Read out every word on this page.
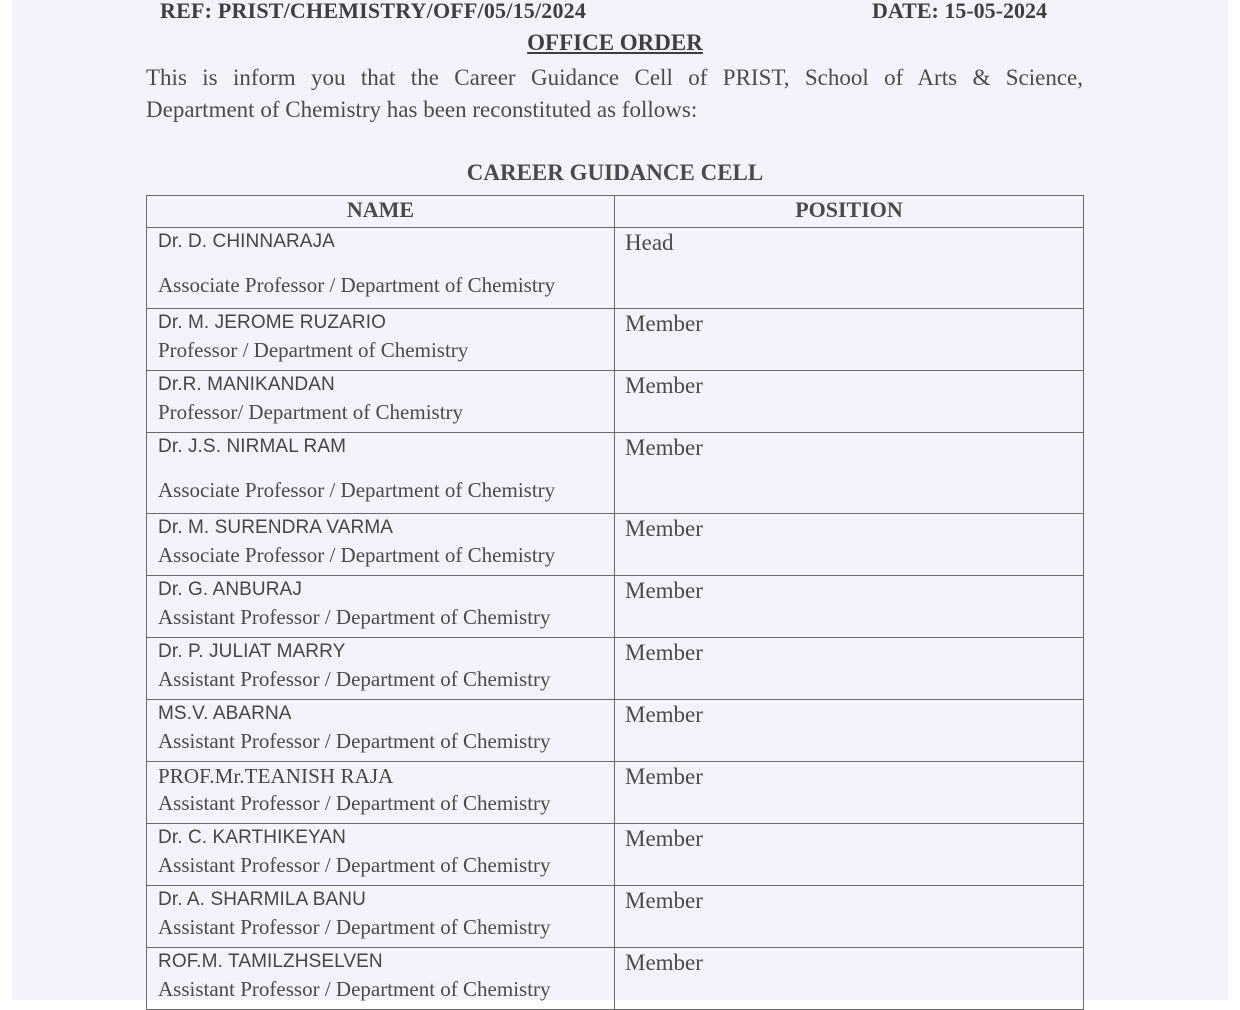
REF: PRIST/CHEMISTRY/OFF/05/15/2024	DATE: 15-05-2024
OFFICE ORDER
This is inform you that the Career Guidance Cell of PRIST, School of Arts & Science,
Department of Chemistry has been reconstituted as follows:
CAREER GUIDANCE CELL
NAME	POSITION

Dr. D. CHINNARAJA
Associate Professor / Department of Chemistry	Head

Dr. M. JEROME RUZARIO
Professor / Department of Chemistry	Member

Dr.R. MANIKANDAN
Professor/ Department of Chemistry	Member

Dr. J.S. NIRMAL RAM
Associate Professor / Department of Chemistry	Member

Dr. M. SURENDRA VARMA
Associate Professor / Department of Chemistry	Member

Dr. G. ANBURAJ
Assistant Professor / Department of Chemistry	Member

Dr. P. JULIAT MARRY
Assistant Professor / Department of Chemistry	Member

MS.V. ABARNA
Assistant Professor / Department of Chemistry	Member

PROF.Mr.TEANISH RAJA
Assistant Professor / Department of Chemistry	Member

Dr. C. KARTHIKEYAN
Assistant Professor / Department of Chemistry	Member

Dr. A. SHARMILA BANU
Assistant Professor / Department of Chemistry	Member

ROF.M. TAMILZHSELVEN
Assistant Professor / Department of Chemistry	Member
